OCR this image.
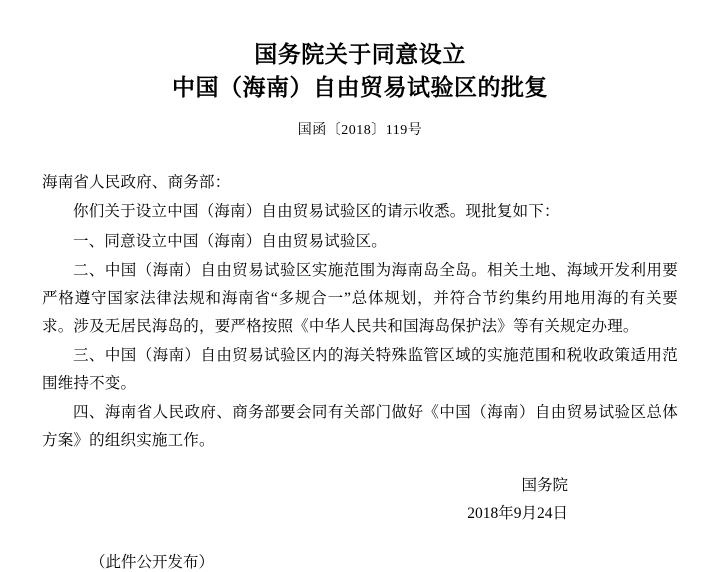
国务院关于同意设立
中国（海南）自由贸易试验区的批复
国函〔2018〕119号

海南省人民政府、商务部：

你们关于设立中国（海南）自由贸易试验区的请示收悉。现批复如下：

一、同意设立中国（海南）自由贸易试验区。

二、中国（海南）自由贸易试验区实施范围为海南岛全岛。相关土地、海域开发利用要严格遵守国家法律法规和海南省“多规合一”总体规划，并符合节约集约用地用海的有关要求。涉及无居民海岛的，要严格按照《中华人民共和国海岛保护法》等有关规定办理。

三、中国（海南）自由贸易试验区内的海关特殊监管区域的实施范围和税收政策适用范围维持不变。

四、海南省人民政府、商务部要会同有关部门做好《中国（海南）自由贸易试验区总体方案》的组织实施工作。

国务院
2018年9月24日
（此件公开发布）
